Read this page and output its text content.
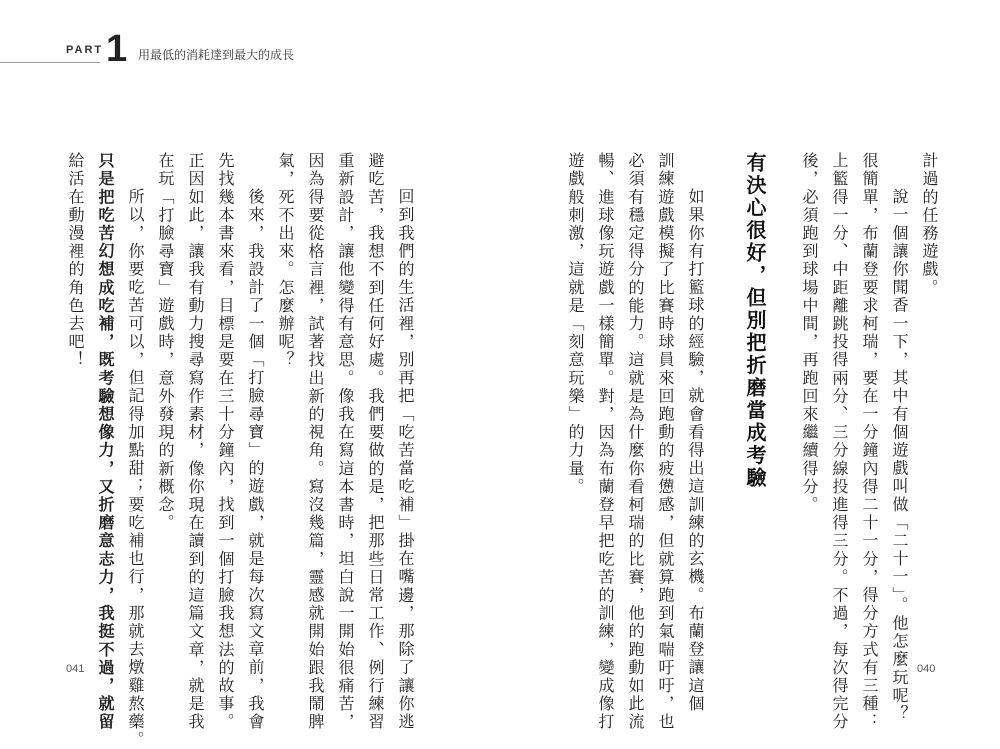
PART 1 用最低的消耗達到最大的成長
計過的任務遊戲。
說一個讓你聞香一下，其中有個遊戲叫做「二十一」。他怎麼玩呢？
很簡單，布蘭登要求柯瑞，要在一分鐘內得二十一分，得分方式有三種：
上籃得一分、中距離跳投得兩分、三分線投進得三分。不過，每次得完分
後，必須跑到球場中間，再跑回來繼續得分。
有決心很好，但別把折磨當成考驗
如果你有打籃球的經驗，就會看得出這訓練的玄機。布蘭登讓這個
訓練遊戲模擬了比賽時球員來回跑動的疲憊感，但就算跑到氣喘吁吁，也
必須有穩定得分的能力。這就是為什麼你看柯瑞的比賽，他的跑動如此流
暢、進球像玩遊戲一樣簡單。對，因為布蘭登早把吃苦的訓練，變成像打
遊戲般刺激，這就是「刻意玩樂」的力量。
回到我們的生活裡，別再把「吃苦當吃補」掛在嘴邊，那除了讓你逃
避吃苦，我想不到任何好處。我們要做的是，把那些日常工作、例行練習
重新設計，讓他變得有意思。像我在寫這本書時，坦白說一開始很痛苦，
因為得要從格言裡，試著找出新的視角。寫沒幾篇，靈感就開始跟我鬧脾
氣，死不出來。怎麼辦呢？
後來，我設計了一個「打臉尋寶」的遊戲，就是每次寫文章前，我會
先找幾本書來看，目標是要在三十分鐘內，找到一個打臉我想法的故事。
正因如此，讓我有動力搜尋寫作素材，像你現在讀到的這篇文章，就是我
在玩「打臉尋寶」遊戲時，意外發現的新概念。
所以，你要吃苦可以，但記得加點甜；要吃補也行，那就去燉雞熬藥。
只是把吃苦幻想成吃補，既考驗想像力，又折磨意志力，我挺不過，就留
給活在動漫裡的角色去吧！
041	040
